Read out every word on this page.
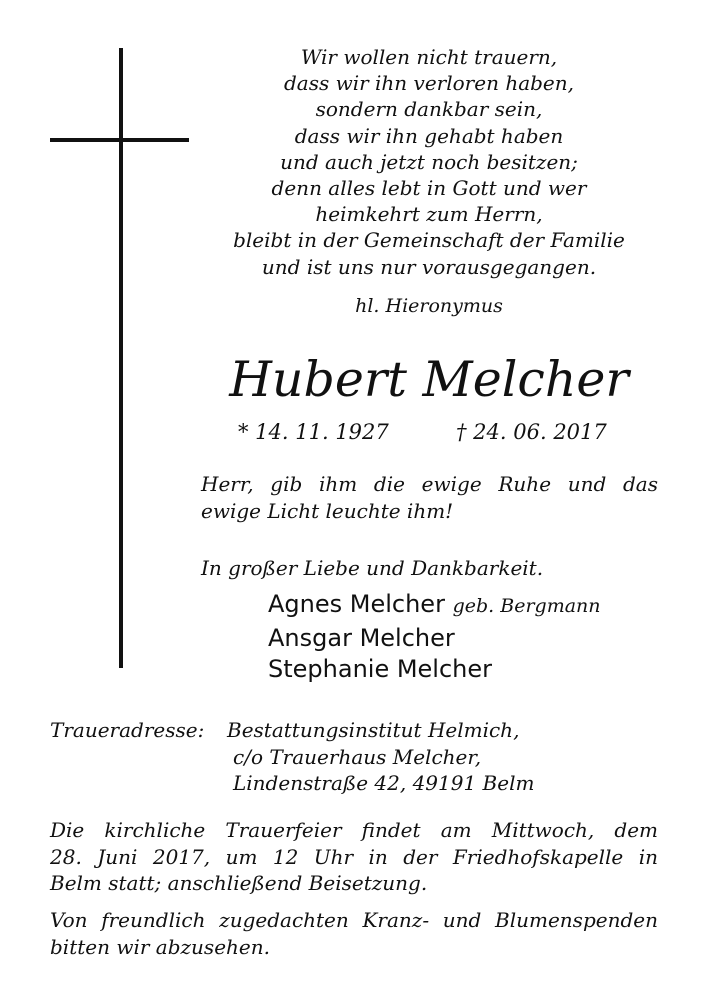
Wir wollen nicht trauern,
dass wir ihn verloren haben,
sondern dankbar sein,
dass wir ihn gehabt haben
und auch jetzt noch besitzen;
denn alles lebt in Gott und wer
heimkehrt zum Herrn,
bleibt in der Gemeinschaft der Familie
und ist uns nur vorausgegangen.
hl. Hieronymus
Hubert Melcher
* 14. 11. 1927	† 24. 06. 2017
Herr, gib ihm die ewige Ruhe und das
ewige Licht leuchte ihm!
In großer Liebe und Dankbarkeit.
Agnes Melcher geb. Bergmann
Ansgar Melcher
Stephanie Melcher
Traueradresse: Bestattungsinstitut Helmich,
c/o Trauerhaus Melcher,
Lindenstraße 42, 49191 Belm
Die kirchliche Trauerfeier findet am Mittwoch, dem
28. Juni 2017, um 12 Uhr in der Friedhofskapelle in
Belm statt; anschließend Beisetzung.
Von freundlich zugedachten Kranz- und Blumenspenden
bitten wir abzusehen.
